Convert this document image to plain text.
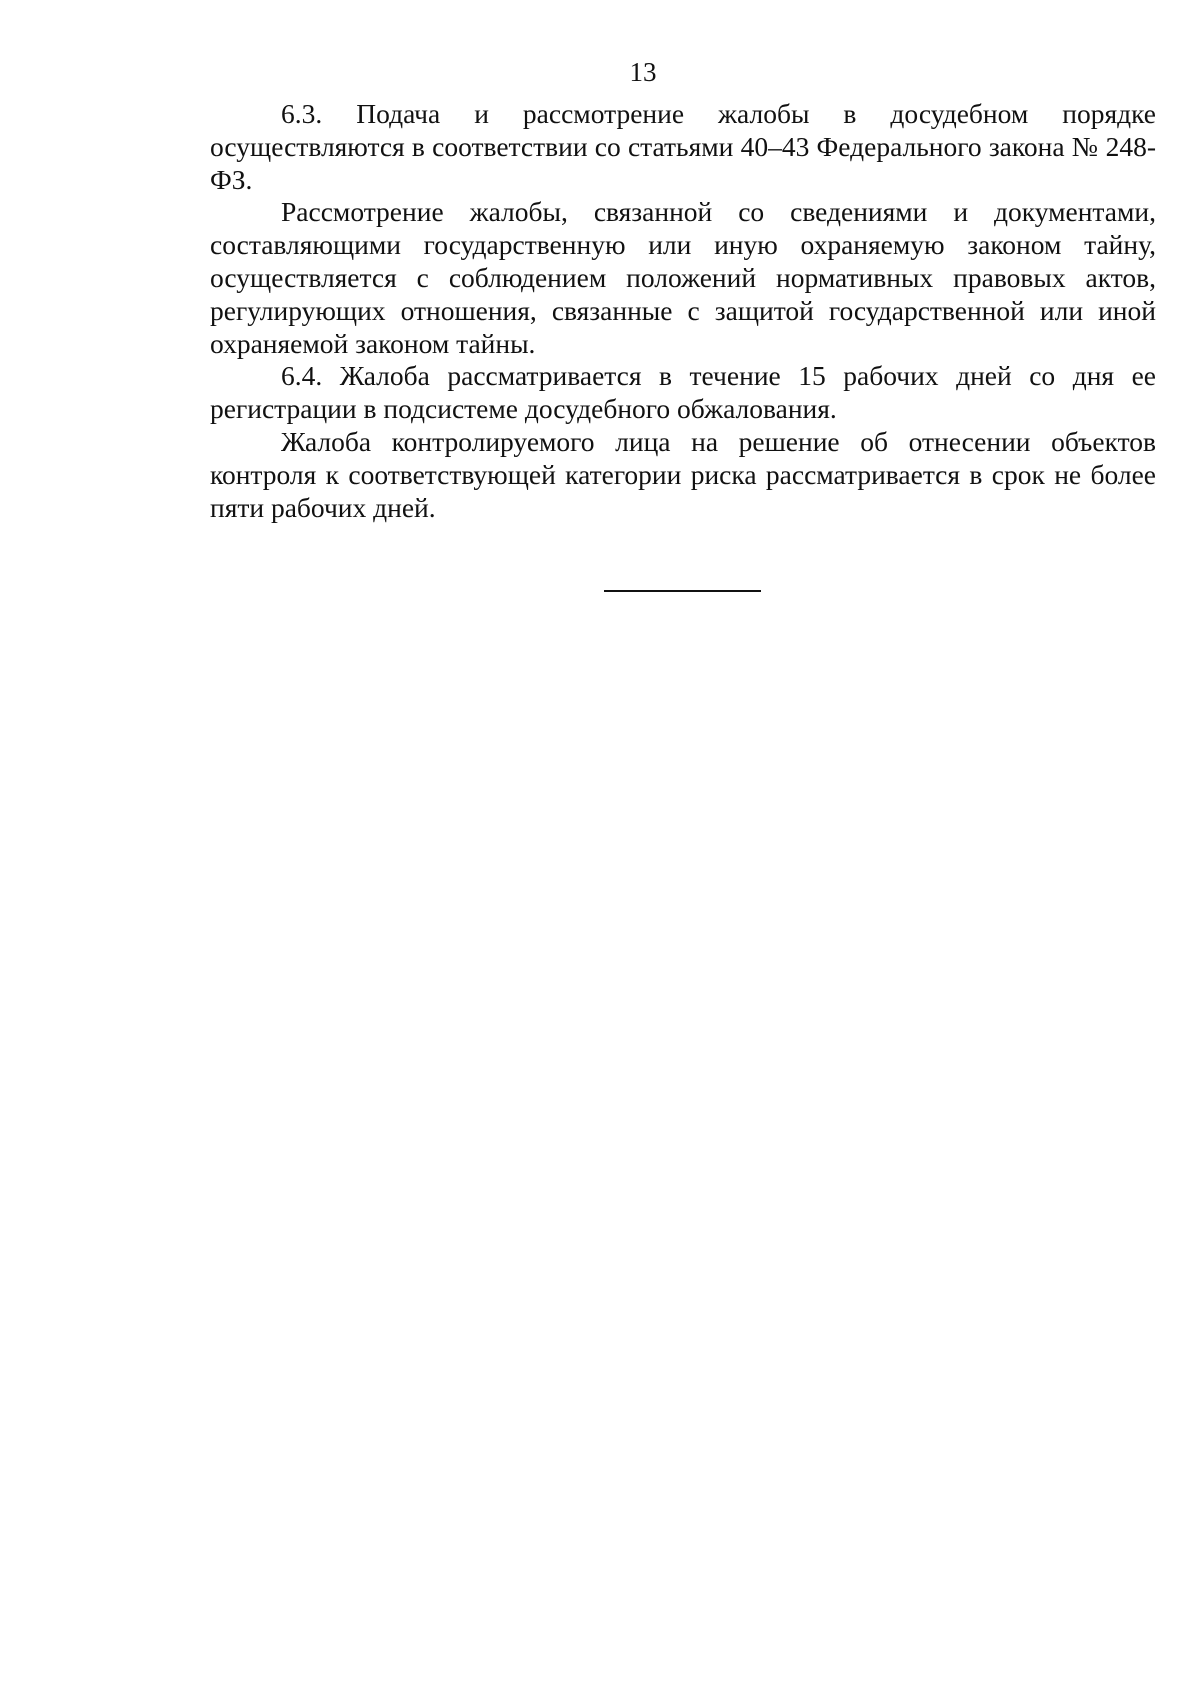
13

6.3. Подача и рассмотрение жалобы в досудебном порядке осуществляются в соответствии со статьями 40–43 Федерального закона № 248-ФЗ.

Рассмотрение жалобы, связанной со сведениями и документами, составляющими государственную или иную охраняемую законом тайну, осуществляется с соблюдением положений нормативных правовых актов, регулирующих отношения, связанные с защитой государственной или иной охраняемой законом тайны.

6.4. Жалоба рассматривается в течение 15 рабочих дней со дня ее регистрации в подсистеме досудебного обжалования.

Жалоба контролируемого лица на решение об отнесении объектов контроля к соответствующей категории риска рассматривается в срок не более пяти рабочих дней.
